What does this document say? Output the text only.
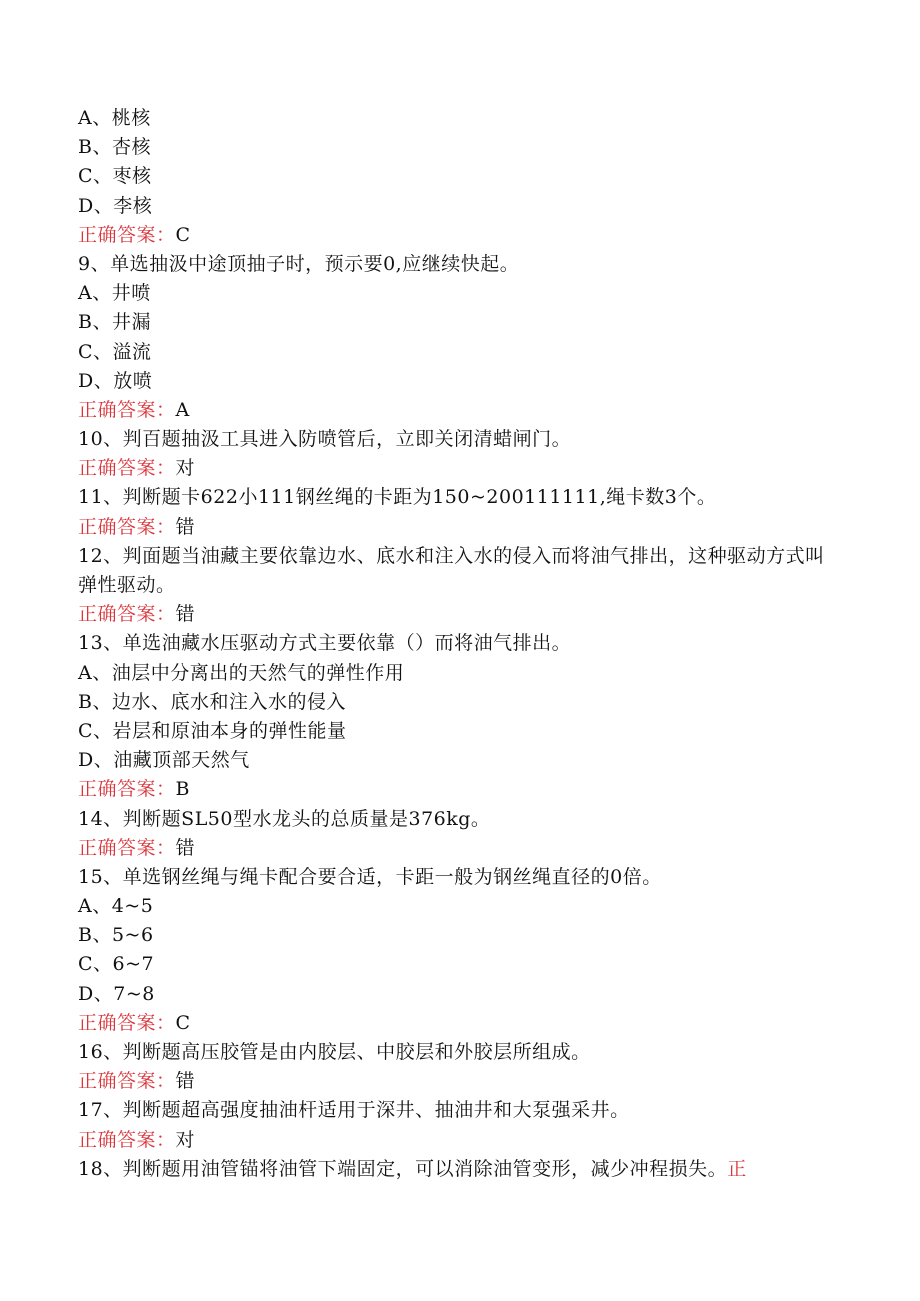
A、桃核
B、杏核
C、枣核
D、李核
正确答案：C
9、单选抽汲中途顶抽子时，预示要0,应继续快起。
A、井喷
B、井漏
C、溢流
D、放喷
正确答案：A
10、判百题抽汲工具进入防喷管后，立即关闭清蜡闸门。
正确答案：对
11、判断题卡622小111钢丝绳的卡距为150~200111111,绳卡数3个。
正确答案：错
12、判面题当油藏主要依靠边水、底水和注入水的侵入而将油气排出，这种驱动方式叫弹性驱动。
正确答案：错
13、单选油藏水压驱动方式主要依靠（）而将油气排出。
A、油层中分离出的天然气的弹性作用
B、边水、底水和注入水的侵入
C、岩层和原油本身的弹性能量
D、油藏顶部天然气
正确答案：B
14、判断题SL50型水龙头的总质量是376kg。
正确答案：错
15、单选钢丝绳与绳卡配合要合适，卡距一般为钢丝绳直径的0倍。
A、4~5
B、5~6
C、6~7
D、7~8
正确答案：C
16、判断题高压胶管是由内胶层、中胶层和外胶层所组成。
正确答案：错
17、判断题超高强度抽油杆适用于深井、抽油井和大泵强采井。
正确答案：对
18、判断题用油管锚将油管下端固定，可以消除油管变形，减少冲程损失。正
